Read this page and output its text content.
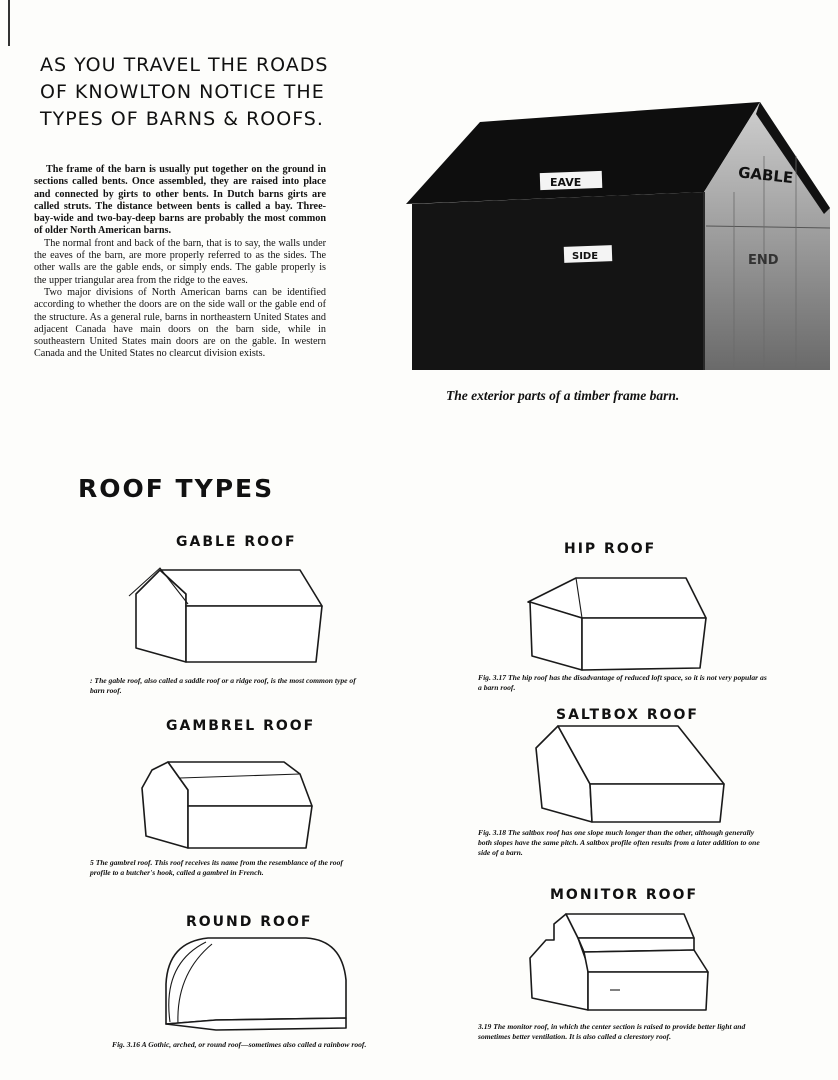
AS YOU TRAVEL THE ROADS
OF KNOWLTON NOTICE THE
TYPES OF BARNS & ROOFS.

The frame of the barn is usually put together on the ground in sections called bents. Once assembled, they are raised into place and connected by girts to other bents. In Dutch barns girts are called struts. The distance between bents is called a bay. Three-bay-wide and two-bay-deep barns are probably the most common of older North American barns.

The normal front and back of the barn, that is to say, the walls under the eaves of the barn, are more properly referred to as the sides. The other walls are the gable ends, or simply ends. The gable properly is the upper triangular area from the ridge to the eaves.

Two major divisions of North American barns can be identified according to whether the doors are on the side wall or the gable end of the structure. As a general rule, barns in northeastern United States and adjacent Canada have main doors on the barn side, while in southeastern United States main doors are on the gable. In western Canada and the United States no clearcut division exists.

EAVE
SIDE
GABLE
END
The exterior parts of a timber frame barn.
ROOF TYPES
GABLE ROOF
: The gable roof, also called a saddle roof or a ridge roof, is the most common type of barn roof.
HIP ROOF
Fig. 3.17 The hip roof has the disadvantage of reduced loft space, so it is not very popular as a barn roof.
GAMBREL ROOF
5 The gambrel roof. This roof receives its name from the resemblance of the roof profile to a butcher's hook, called a gambrel in French.
SALTBOX ROOF
Fig. 3.18 The saltbox roof has one slope much longer than the other, although generally both slopes have the same pitch. A saltbox profile often results from a later addition to one side of a barn.
ROUND ROOF
Fig. 3.16 A Gothic, arched, or round roof—sometimes also called a rainbow roof.
MONITOR ROOF
3.19 The monitor roof, in which the center section is raised to provide better light and sometimes better ventilation. It is also called a clerestory roof.
